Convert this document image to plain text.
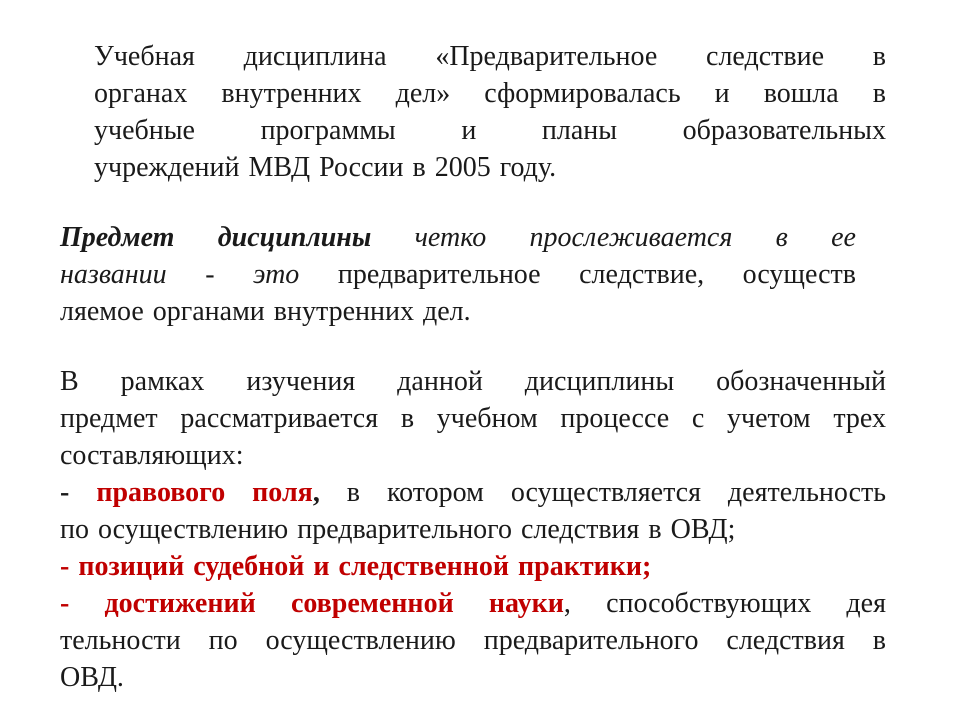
Учебная дисциплина «Предварительное следствие в
органах внутренних дел» сформировалась и вошла в
учебные программы и планы образовательных
учреждений МВД России в 2005 году.
Предмет дисциплины четко прослеживается в ее
названии - это предварительное следствие, осуществ
ляемое органами внутренних дел.
В рамках изучения данной дисциплины обозначенный
предмет рассматривается в учебном процессе с учетом трех
составляющих:
- правового поля, в котором осуществляется деятельность
по осуществлению предварительного следствия в ОВД;
- позиций судебной и следственной практики;
- достижений современной науки, способствующих дея
тельности по осуществлению предварительного следствия в
ОВД.
